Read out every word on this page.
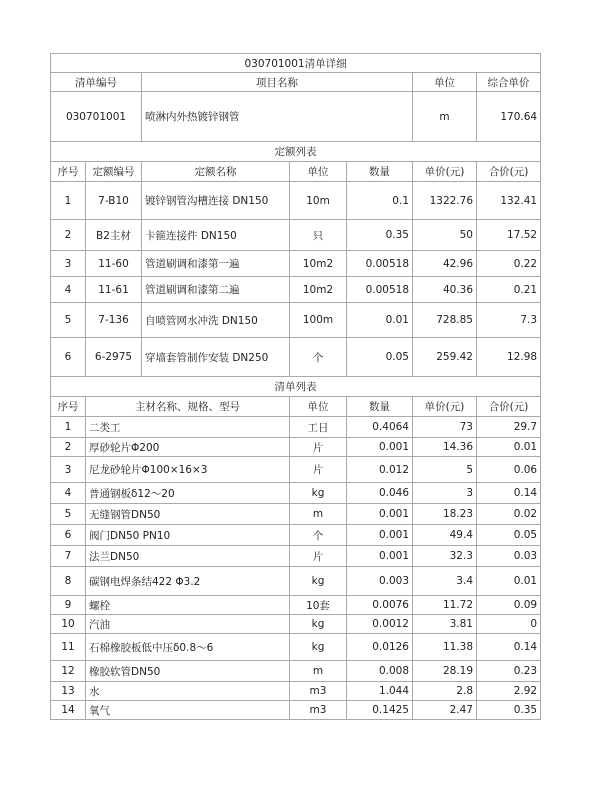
030701001清单详细						
清单编号		项目名称			单位	综合单价
030701001		喷淋内外热镀锌钢管			m	170.64
定额列表						
序号	定额编号	定额名称	单位	数量	单价(元)	合价(元)
1	7-B10	镀锌钢管沟槽连接 DN150	10m	0.1	1322.76	132.41
2	B2主材	卡箍连接件 DN150	只	0.35	50	17.52
3	11-60	管道刷调和漆第一遍	10m2	0.00518	42.96	0.22
4	11-61	管道刷调和漆第二遍	10m2	0.00518	40.36	0.21
5	7-136	自喷管网水冲洗 DN150	100m	0.01	728.85	7.3
6	6-2975	穿墙套管制作安装 DN250	个	0.05	259.42	12.98
清单列表						
序号	主材名称、规格、型号		单位	数量	单价(元)	合价(元)
1	二类工		工日	0.4064	73	29.7
2	厚砂轮片Φ200		片	0.001	14.36	0.01
3	尼龙砂轮片Φ100×16×3		片	0.012	5	0.06
4	普通钢板δ12～20		kg	0.046	3	0.14
5	无缝钢管DN50		m	0.001	18.23	0.02
6	阀门DN50 PN10		个	0.001	49.4	0.05
7	法兰DN50		片	0.001	32.3	0.03
8	碳钢电焊条结422 Φ3.2		kg	0.003	3.4	0.01
9	螺栓		10套	0.0076	11.72	0.09
10	汽油		kg	0.0012	3.81	0
11	石棉橡胶板低中压δ0.8～6		kg	0.0126	11.38	0.14
12	橡胶软管DN50		m	0.008	28.19	0.23
13	水		m3	1.044	2.8	2.92
14	氧气		m3	0.1425	2.47	0.35
